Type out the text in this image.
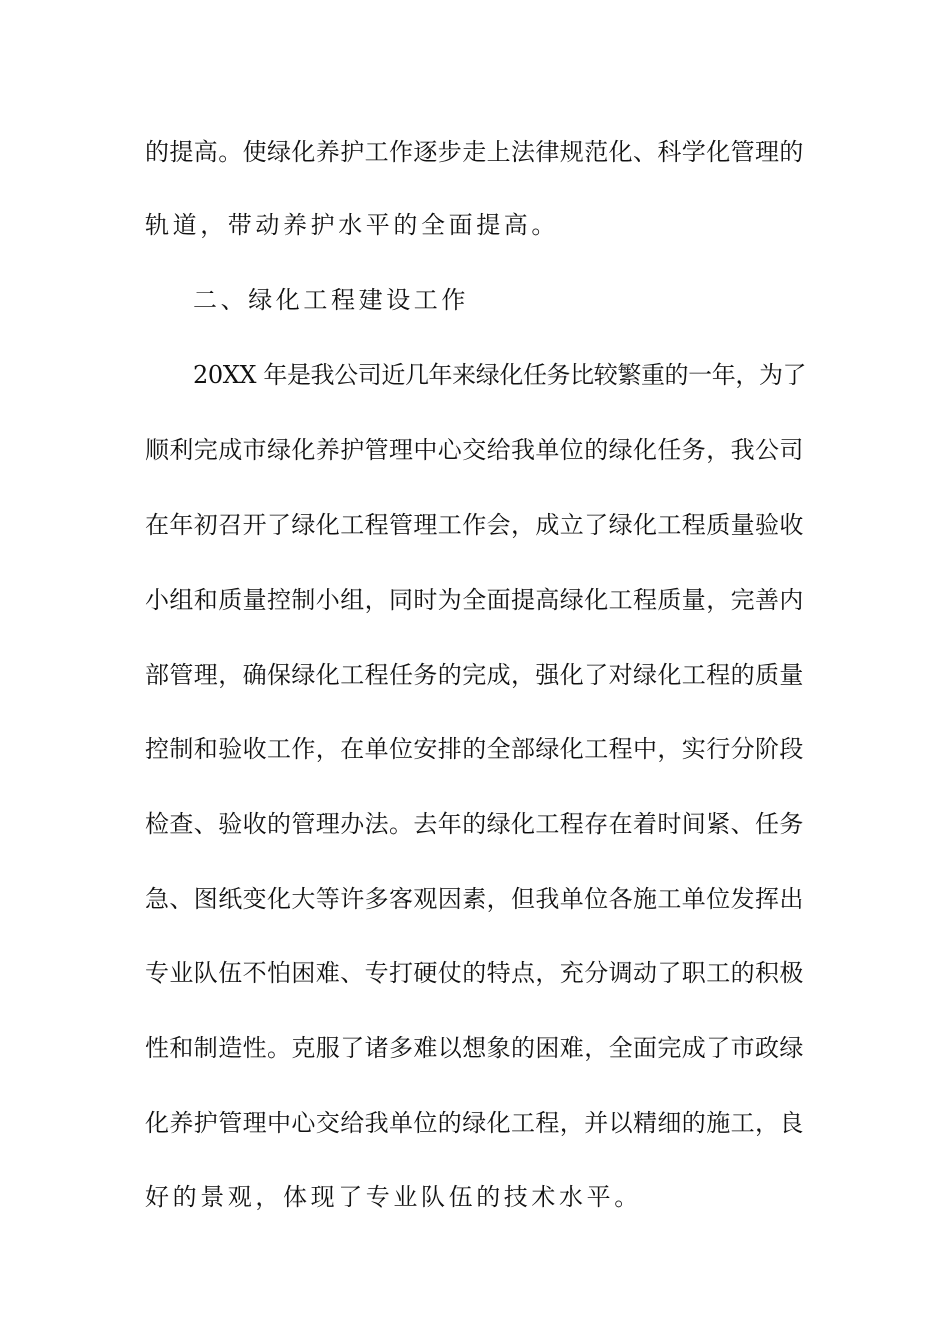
的提高。使绿化养护工作逐步走上法律规范化、科学化管理的
轨道，带动养护水平的全面提高。
二、绿化工程建设工作
20XX 年是我公司近几年来绿化任务比较繁重的一年，为了
顺利完成市绿化养护管理中心交给我单位的绿化任务，我公司
在年初召开了绿化工程管理工作会，成立了绿化工程质量验收
小组和质量控制小组，同时为全面提高绿化工程质量，完善内
部管理，确保绿化工程任务的完成，强化了对绿化工程的质量
控制和验收工作，在单位安排的全部绿化工程中，实行分阶段
检查、验收的管理办法。去年的绿化工程存在着时间紧、任务
急、图纸变化大等许多客观因素，但我单位各施工单位发挥出
专业队伍不怕困难、专打硬仗的特点，充分调动了职工的积极
性和制造性。克服了诸多难以想象的困难，全面完成了市政绿
化养护管理中心交给我单位的绿化工程，并以精细的施工，良
好的景观，体现了专业队伍的技术水平。
